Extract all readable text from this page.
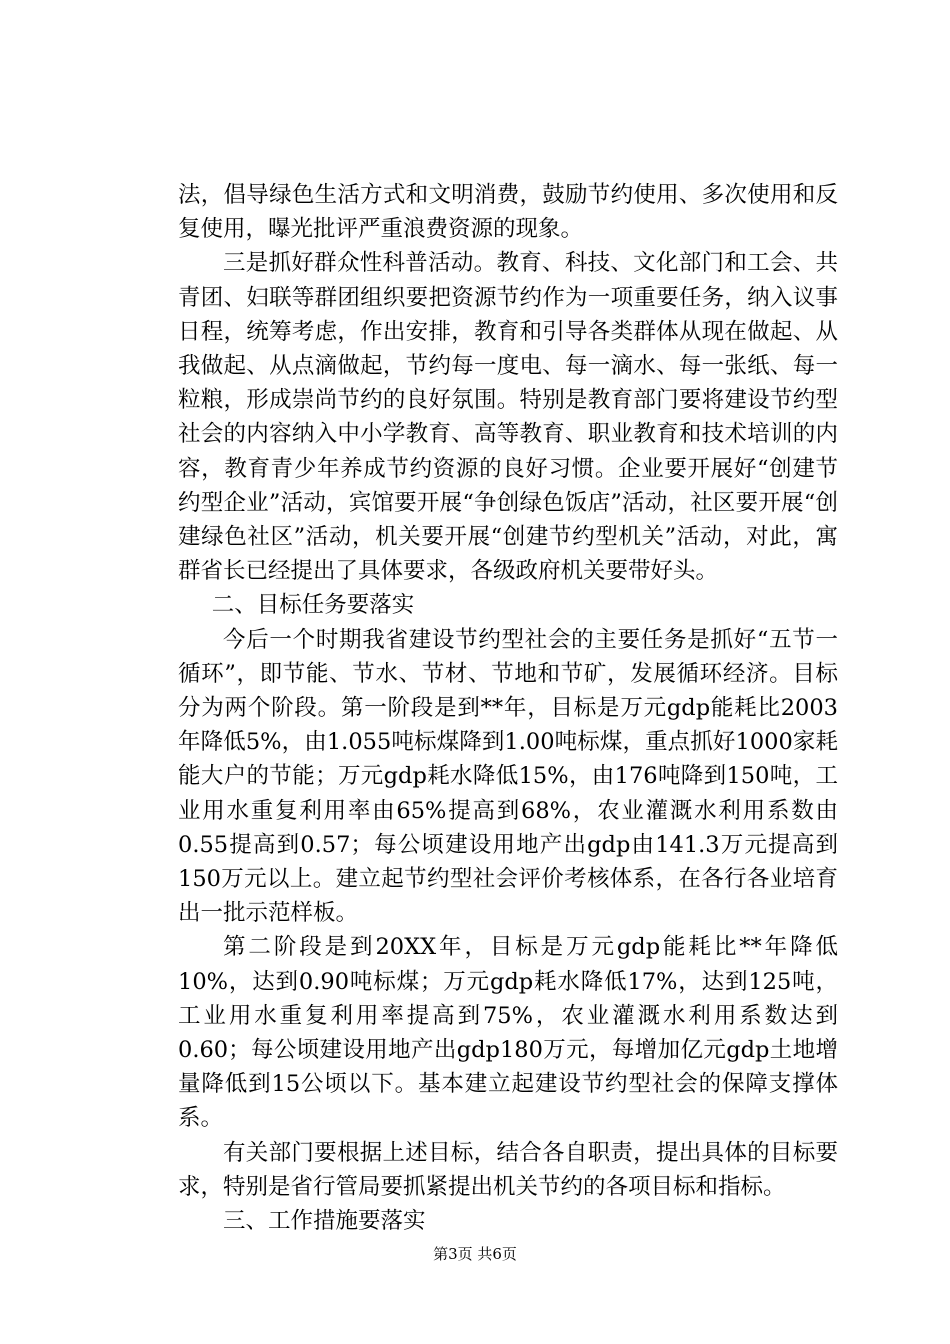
法，倡导绿色生活方式和文明消费，鼓励节约使用、多次使用和反复使用，曝光批评严重浪费资源的现象。

三是抓好群众性科普活动。教育、科技、文化部门和工会、共青团、妇联等群团组织要把资源节约作为一项重要任务，纳入议事日程，统筹考虑，作出安排，教育和引导各类群体从现在做起、从我做起、从点滴做起，节约每一度电、每一滴水、每一张纸、每一粒粮，形成崇尚节约的良好氛围。特别是教育部门要将建设节约型社会的内容纳入中小学教育、高等教育、职业教育和技术培训的内容，教育青少年养成节约资源的良好习惯。企业要开展好“创建节约型企业”活动，宾馆要开展“争创绿色饭店”活动，社区要开展“创建绿色社区”活动，机关要开展“创建节约型机关”活动，对此，寓群省长已经提出了具体要求，各级政府机关要带好头。

二、目标任务要落实

今后一个时期我省建设节约型社会的主要任务是抓好“五节一循环”，即节能、节水、节材、节地和节矿，发展循环经济。目标分为两个阶段。第一阶段是到**年，目标是万元gdp能耗比2003年降低5%，由1.055吨标煤降到1.00吨标煤，重点抓好1000家耗能大户的节能；万元gdp耗水降低15%，由176吨降到150吨，工业用水重复利用率由65%提高到68%，农业灌溉水利用系数由0.55提高到0.57；每公顷建设用地产出gdp由141.3万元提高到150万元以上。建立起节约型社会评价考核体系，在各行各业培育出一批示范样板。

第二阶段是到20XX年，目标是万元gdp能耗比**年降低10%，达到0.90吨标煤；万元gdp耗水降低17%，达到125吨，工业用水重复利用率提高到75%，农业灌溉水利用系数达到0.60；每公顷建设用地产出gdp180万元，每增加亿元gdp土地增量降低到15公顷以下。基本建立起建设节约型社会的保障支撑体系。

有关部门要根据上述目标，结合各自职责，提出具体的目标要求，特别是省行管局要抓紧提出机关节约的各项目标和指标。

三、工作措施要落实

第3页 共6页
